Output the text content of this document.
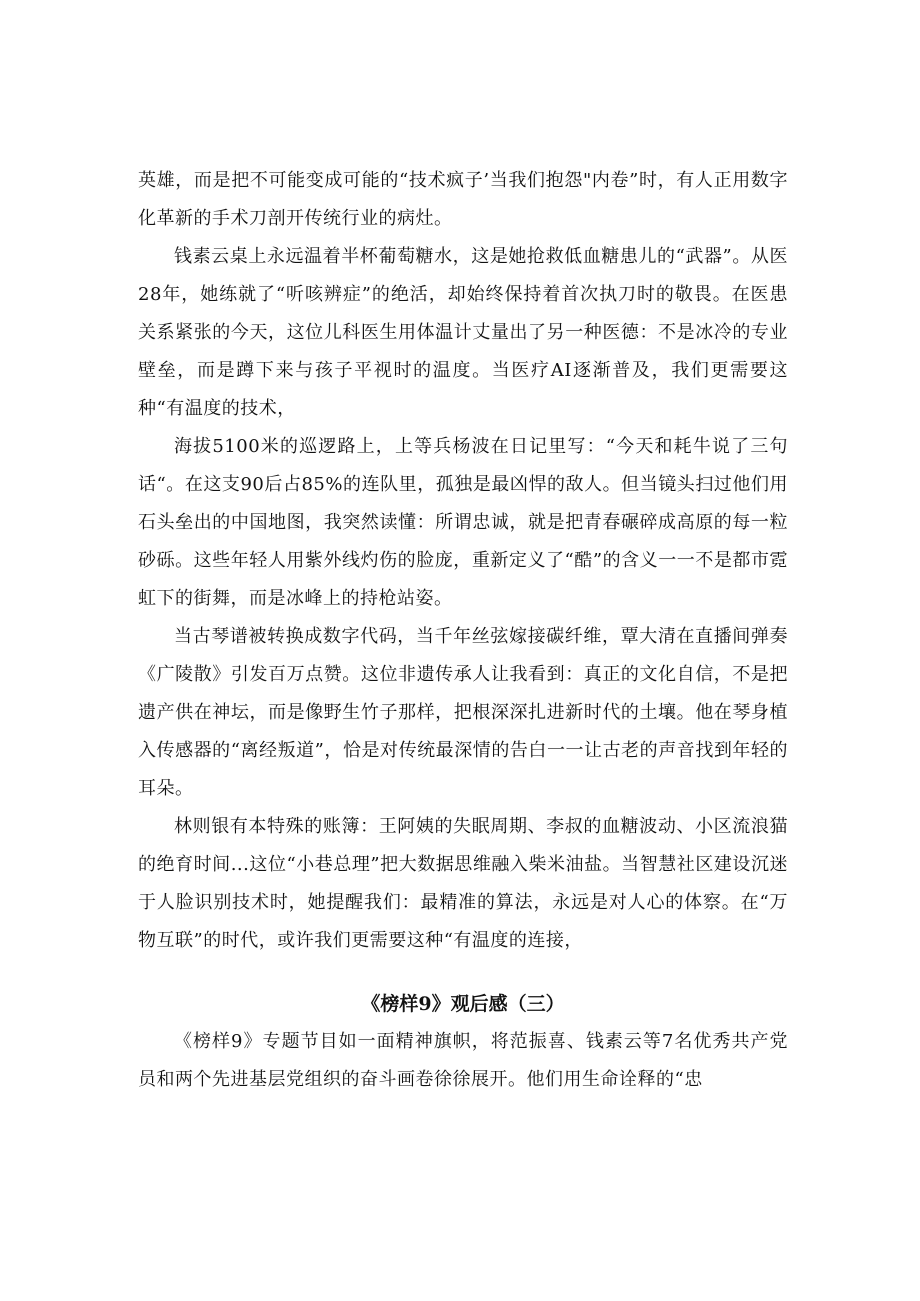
英雄，而是把不可能变成可能的“技术疯子’当我们抱怨"内卷”时，有人正用数字化革新的手术刀剖开传统行业的病灶。

钱素云桌上永远温着半杯葡萄糖水，这是她抢救低血糖患儿的“武器”。从医28年，她练就了“听咳辨症”的绝活，却始终保持着首次执刀时的敬畏。在医患关系紧张的今天，这位儿科医生用体温计丈量出了另一种医德：不是冰冷的专业壁垒，而是蹲下来与孩子平视时的温度。当医疗AI逐渐普及，我们更需要这种“有温度的技术，

海拔5100米的巡逻路上，上等兵杨波在日记里写：“今天和耗牛说了三句话“。在这支90后占85%的连队里，孤独是最凶悍的敌人。但当镜头扫过他们用石头垒出的中国地图，我突然读懂：所谓忠诚，就是把青春碾碎成高原的每一粒砂砾。这些年轻人用紫外线灼伤的脸庞，重新定义了“酷”的含义一一不是都市霓虹下的街舞，而是冰峰上的持枪站姿。

当古琴谱被转换成数字代码，当千年丝弦嫁接碳纤维，覃大清在直播间弹奏《广陵散》引发百万点赞。这位非遗传承人让我看到：真正的文化自信，不是把遗产供在神坛，而是像野生竹子那样，把根深深扎进新时代的土壤。他在琴身植入传感器的“离经叛道”，恰是对传统最深情的告白一一让古老的声音找到年轻的耳朵。

林则银有本特殊的账簿：王阿姨的失眠周期、李叔的血糖波动、小区流浪猫的绝育时间...这位“小巷总理”把大数据思维融入柴米油盐。当智慧社区建设沉迷于人脸识别技术时，她提醒我们：最精准的算法，永远是对人心的体察。在“万物互联”的时代，或许我们更需要这种“有温度的连接，

《榜样9》观后感（三）

《榜样9》专题节目如一面精神旗帜，将范振喜、钱素云等7名优秀共产党员和两个先进基层党组织的奋斗画卷徐徐展开。他们用生命诠释的“忠
